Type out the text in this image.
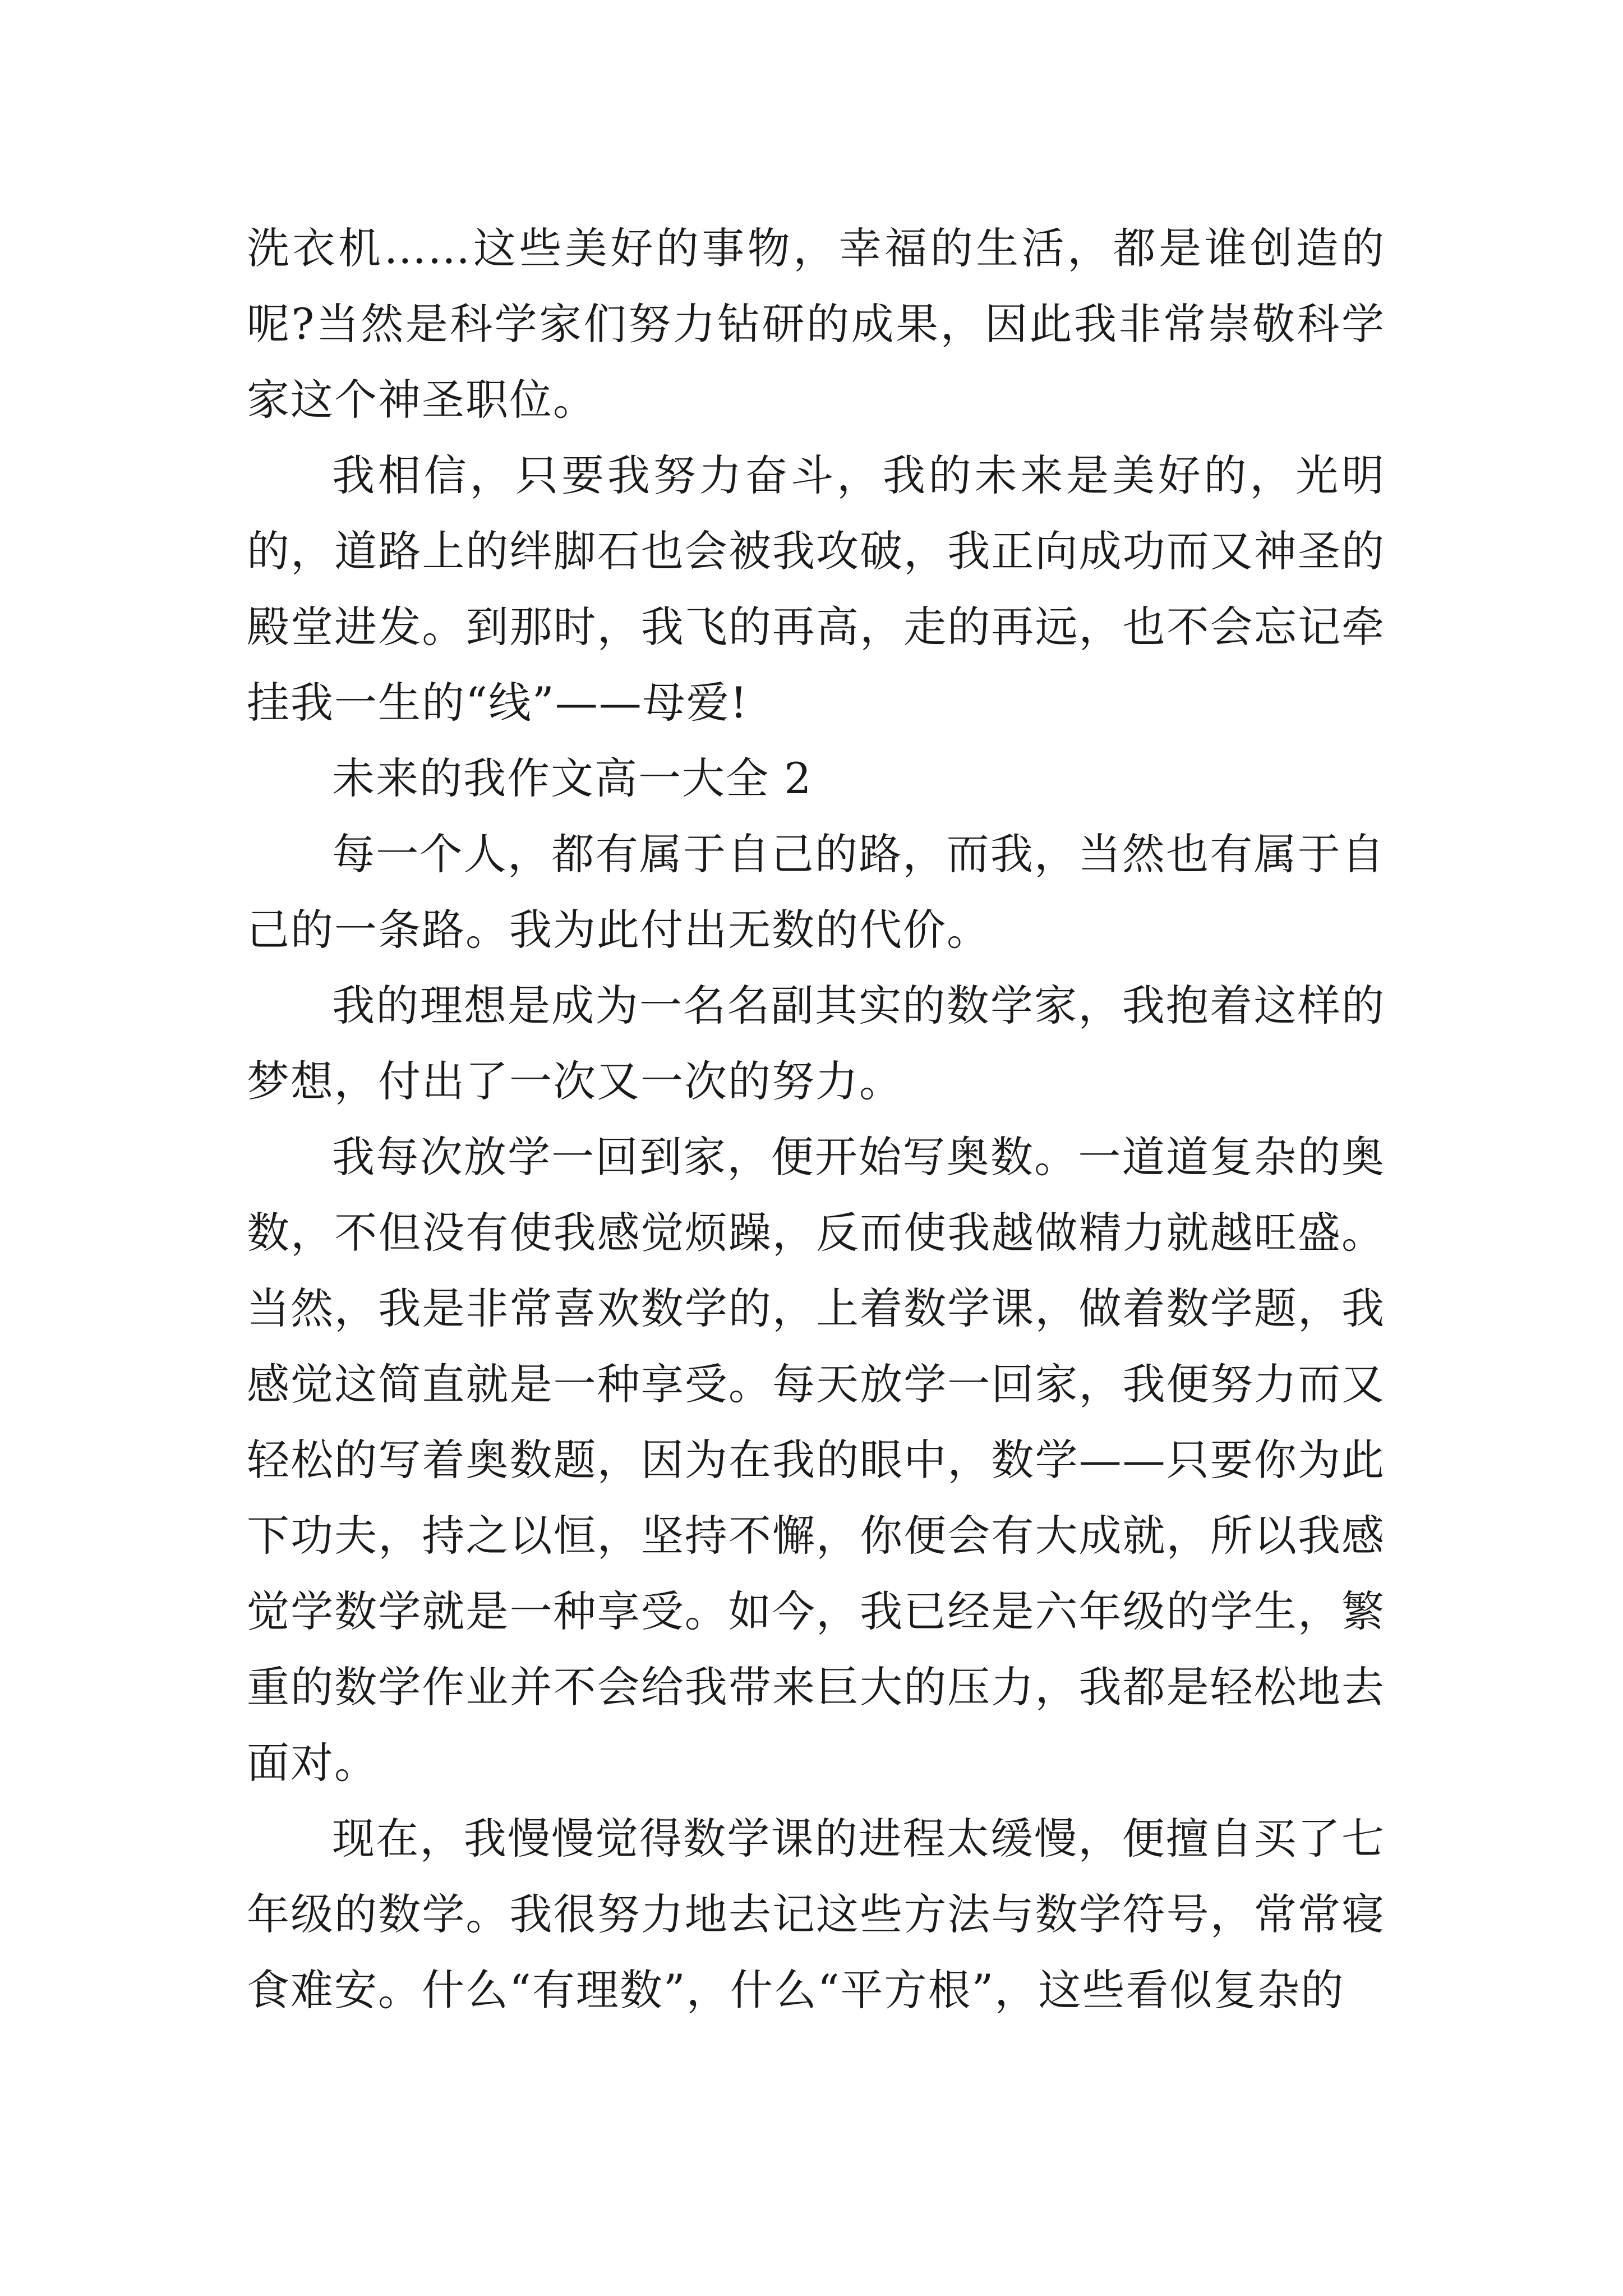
洗衣机……这些美好的事物，幸福的生活，都是谁创造的呢?当然是科学家们努力钻研的成果，因此我非常崇敬科学家这个神圣职位。

我相信，只要我努力奋斗，我的未来是美好的，光明的，道路上的绊脚石也会被我攻破，我正向成功而又神圣的殿堂进发。到那时，我飞的再高，走的再远，也不会忘记牵挂我一生的“线”——母爱!

未来的我作文高一大全 2

每一个人，都有属于自己的路，而我，当然也有属于自己的一条路。我为此付出无数的代价。

我的理想是成为一名名副其实的数学家，我抱着这样的梦想，付出了一次又一次的努力。

我每次放学一回到家，便开始写奥数。一道道复杂的奥数，不但没有使我感觉烦躁，反而使我越做精力就越旺盛。当然，我是非常喜欢数学的，上着数学课，做着数学题，我感觉这简直就是一种享受。每天放学一回家，我便努力而又轻松的写着奥数题，因为在我的眼中，数学——只要你为此下功夫，持之以恒，坚持不懈，你便会有大成就，所以我感觉学数学就是一种享受。如今，我已经是六年级的学生，繁重的数学作业并不会给我带来巨大的压力，我都是轻松地去面对。

现在，我慢慢觉得数学课的进程太缓慢，便擅自买了七年级的数学。我很努力地去记这些方法与数学符号，常常寝食难安。什么“有理数”，什么“平方根”，这些看似复杂的
